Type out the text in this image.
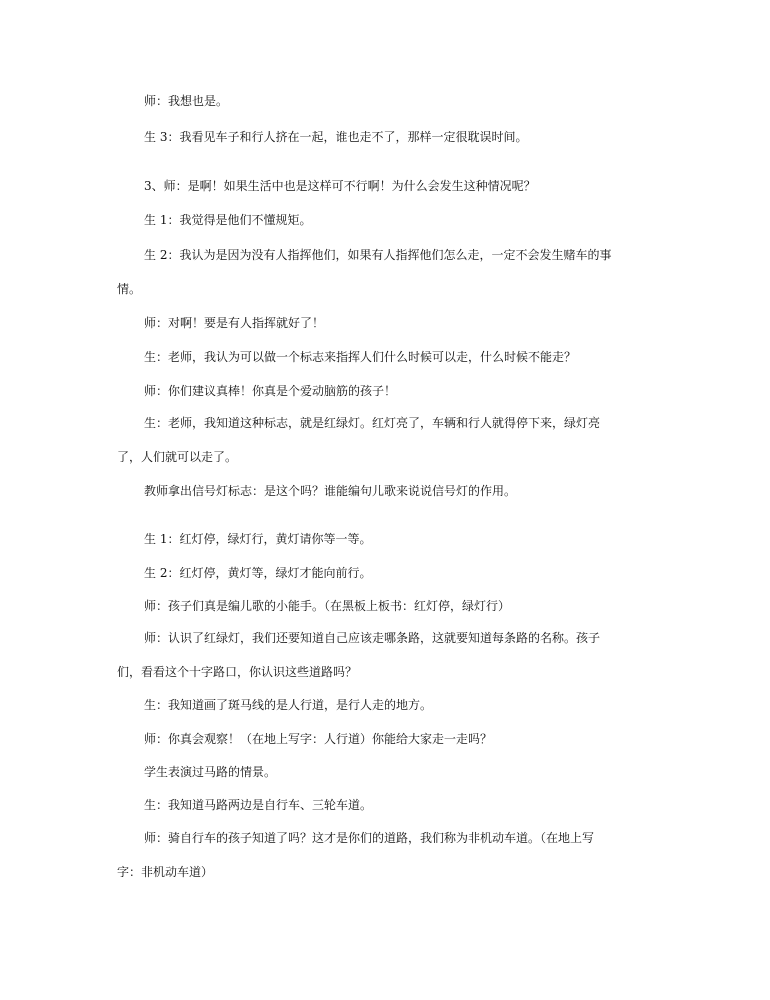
师：我想也是。
生 3：我看见车子和行人挤在一起，谁也走不了，那样一定很耽误时间。
3、师：是啊！如果生活中也是这样可不行啊！为什么会发生这种情况呢？
生 1：我觉得是他们不懂规矩。
生 2：我认为是因为没有人指挥他们，如果有人指挥他们怎么走，一定不会发生赌车的事
情。
师：对啊！要是有人指挥就好了！
生：老师，我认为可以做一个标志来指挥人们什么时候可以走，什么时候不能走？
师：你们建议真棒！你真是个爱动脑筋的孩子！
生：老师，我知道这种标志，就是红绿灯。红灯亮了，车辆和行人就得停下来，绿灯亮
了，人们就可以走了。
教师拿出信号灯标志：是这个吗？谁能编句儿歌来说说信号灯的作用。
生 1：红灯停，绿灯行，黄灯请你等一等。
生 2：红灯停，黄灯等，绿灯才能向前行。
师：孩子们真是编儿歌的小能手。（在黑板上板书：红灯停，绿灯行）
师：认识了红绿灯，我们还要知道自己应该走哪条路，这就要知道每条路的名称。孩子
们，看看这个十字路口，你认识这些道路吗？
生：我知道画了斑马线的是人行道，是行人走的地方。
师：你真会观察！（在地上写字：人行道）你能给大家走一走吗？
学生表演过马路的情景。
生：我知道马路两边是自行车、三轮车道。
师：骑自行车的孩子知道了吗？这才是你们的道路，我们称为非机动车道。（在地上写
字：非机动车道）
